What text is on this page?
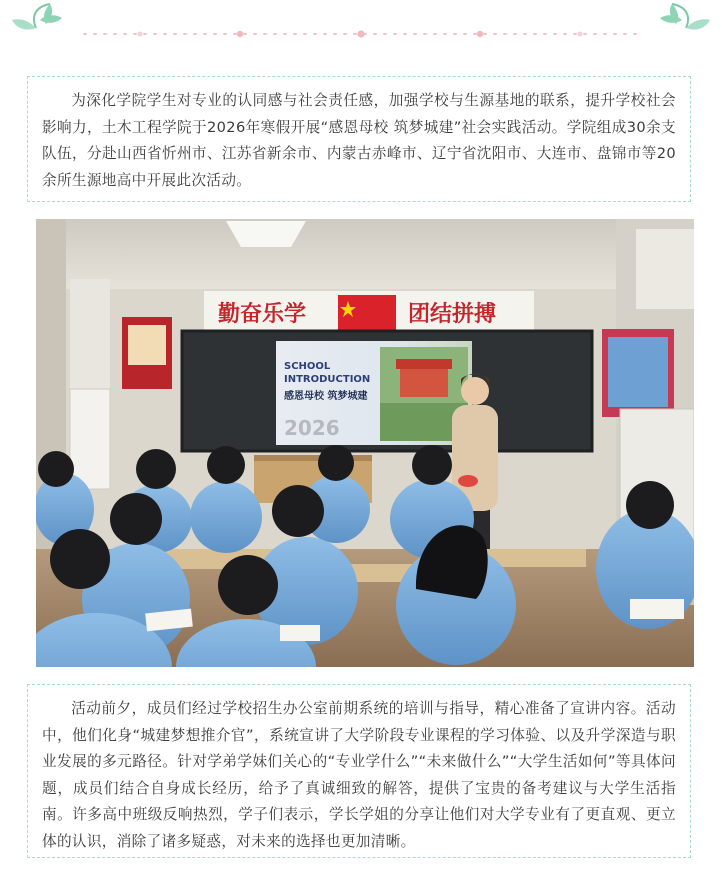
为深化学院学生对专业的认同感与社会责任感，加强学校与生源基地的联系，提升学校社会影响力，土木工程学院于2026年寒假开展“感恩母校 筑梦城建”社会实践活动。学院组成30余支队伍，分赴山西省忻州市、江苏省新余市、内蒙古赤峰市、辽宁省沈阳市、大连市、盘锦市等20余所生源地高中开展此次活动。

勤奋乐学	团结拼搏
SCHOOL
INTRODUCTION
感恩母校 筑梦城建
2026

活动前夕，成员们经过学校招生办公室前期系统的培训与指导，精心准备了宣讲内容。活动中，他们化身“城建梦想推介官”，系统宣讲了大学阶段专业课程的学习体验、以及升学深造与职业发展的多元路径。针对学弟学妹们关心的“专业学什么”“未来做什么”“大学生活如何”等具体问题，成员们结合自身成长经历，给予了真诚细致的解答，提供了宝贵的备考建议与大学生活指南。许多高中班级反响热烈，学子们表示，学长学姐的分享让他们对大学专业有了更直观、更立体的认识，消除了诸多疑惑，对未来的选择也更加清晰。
